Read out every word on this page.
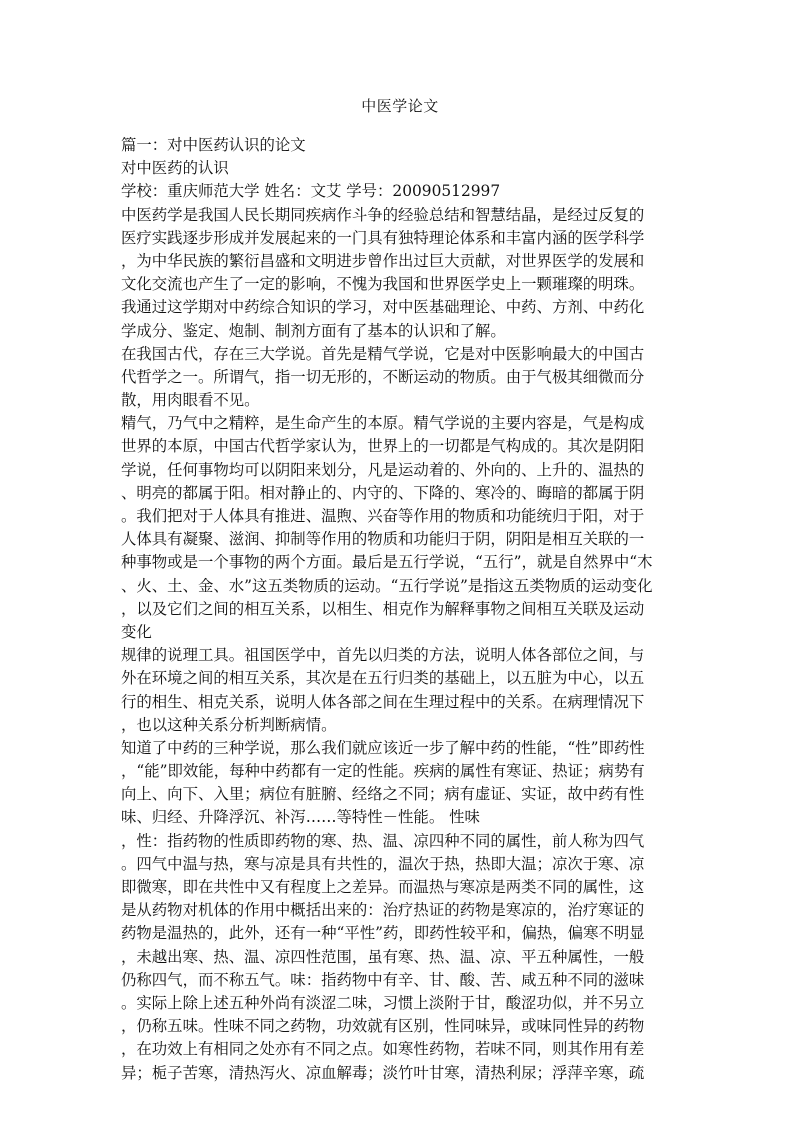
中医学论文
篇一：对中医药认识的论文
对中医药的认识
学校：重庆师范大学 姓名：文艾 学号：20090512997
中医药学是我国人民长期同疾病作斗争的经验总结和智慧结晶，是经过反复的
医疗实践逐步形成并发展起来的一门具有独特理论体系和丰富内涵的医学科学
，为中华民族的繁衍昌盛和文明进步曾作出过巨大贡献，对世界医学的发展和
文化交流也产生了一定的影响，不愧为我国和世界医学史上一颗璀璨的明珠。
我通过这学期对中药综合知识的学习，对中医基础理论、中药、方剂、中药化
学成分、鉴定、炮制、制剂方面有了基本的认识和了解。
在我国古代，存在三大学说。首先是精气学说，它是对中医影响最大的中国古
代哲学之一。所谓气，指一切无形的，不断运动的物质。由于气极其细微而分
散，用肉眼看不见。
精气，乃气中之精粹，是生命产生的本原。精气学说的主要内容是，气是构成
世界的本原，中国古代哲学家认为，世界上的一切都是气构成的。其次是阴阳
学说，任何事物均可以阴阳来划分，凡是运动着的、外向的、上升的、温热的
、明亮的都属于阳。相对静止的、内守的、下降的、寒冷的、晦暗的都属于阴
。我们把对于人体具有推进、温煦、兴奋等作用的物质和功能统归于阳，对于
人体具有凝聚、滋润、抑制等作用的物质和功能归于阴，阴阳是相互关联的一
种事物或是一个事物的两个方面。最后是五行学说，“五行”，就是自然界中“木
、火、土、金、水”这五类物质的运动。“五行学说”是指这五类物质的运动变化
，以及它们之间的相互关系，以相生、相克作为解释事物之间相互关联及运动
变化
规律的说理工具。祖国医学中，首先以归类的方法，说明人体各部位之间，与
外在环境之间的相互关系，其次是在五行归类的基础上，以五脏为中心，以五
行的相生、相克关系，说明人体各部之间在生理过程中的关系。在病理情况下
，也以这种关系分析判断病情。
知道了中药的三种学说，那么我们就应该近一步了解中药的性能，“性”即药性
，“能”即效能，每种中药都有一定的性能。疾病的属性有寒证、热证；病势有
向上、向下、入里；病位有脏腑、经络之不同；病有虚证、实证，故中药有性
味、归经、升降浮沉、补泻……等特性－性能。 性味
，性：指药物的性质即药物的寒、热、温、凉四种不同的属性，前人称为四气
。四气中温与热，寒与凉是具有共性的，温次于热，热即大温；凉次于寒、凉
即微寒，即在共性中又有程度上之差异。而温热与寒凉是两类不同的属性，这
是从药物对机体的作用中概括出来的：治疗热证的药物是寒凉的，治疗寒证的
药物是温热的，此外，还有一种“平性”药，即药性较平和，偏热，偏寒不明显
，未越出寒、热、温、凉四性范围，虽有寒、热、温、凉、平五种属性，一般
仍称四气，而不称五气。味：指药物中有辛、甘、酸、苦、咸五种不同的滋味
。实际上除上述五种外尚有淡涩二味，习惯上淡附于甘，酸涩功似，并不另立
，仍称五味。性味不同之药物，功效就有区别，性同味异，或味同性异的药物
，在功效上有相同之处亦有不同之点。如寒性药物，若味不同，则其作用有差
异；栀子苦寒，清热泻火、凉血解毒；淡竹叶甘寒，清热利尿；浮萍辛寒，疏
